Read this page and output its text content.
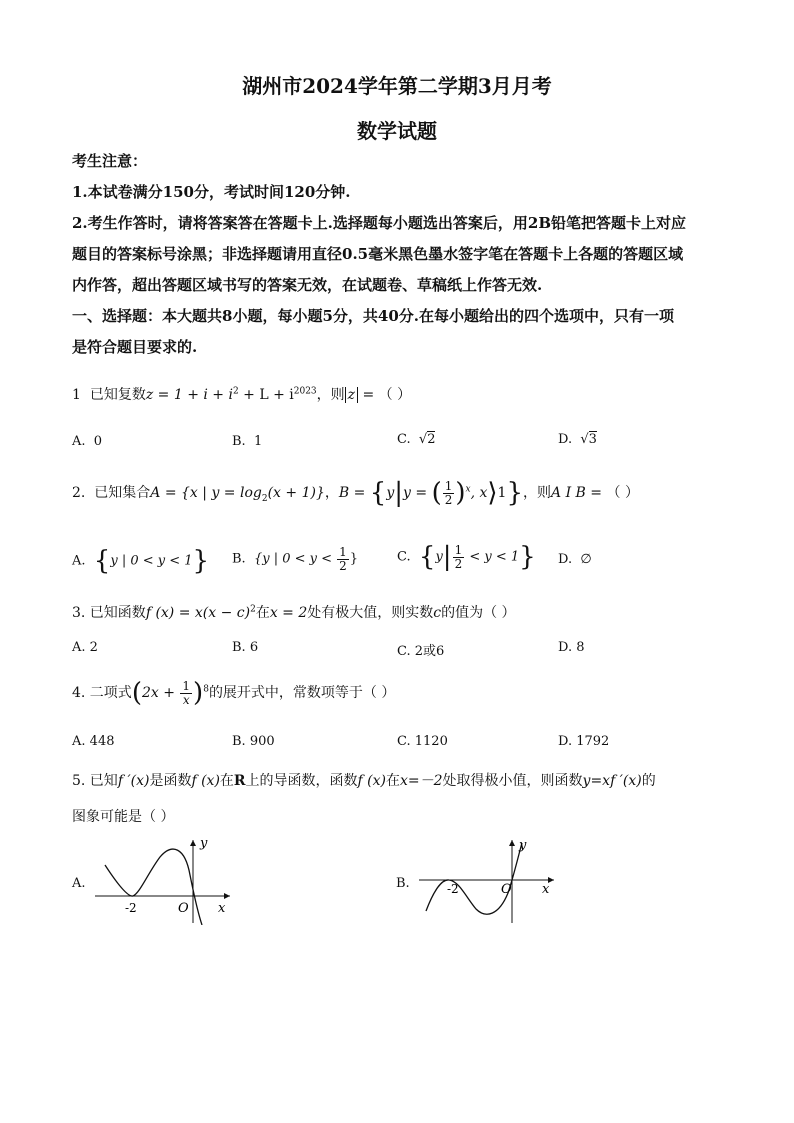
湖州市2024学年第二学期3月月考
数学试题
考生注意：
1.本试卷满分150分，考试时间120分钟.
2.考生作答时，请将答案答在答题卡上.选择题每小题选出答案后，用2B铅笔把答题卡上对应
题目的答案标号涂黑；非选择题请用直径0.5毫米黑色墨水签字笔在答题卡上各题的答题区域
内作答，超出答题区域书写的答案无效，在试题卷、草稿纸上作答无效.
一、选择题：本大题共8小题，每小题5分，共40分.在每小题给出的四个选项中，只有一项
是符合题目要求的.
1 已知复数$z = 1 + i + i^2 + L + i^{2023}$，则 z = （ ）
A. 0	B. 1	C.  √2	D.  √3
2.  已知集合A = {x | $y = \log_2(x + 1)$}，B = {y|y = ( $\frac{1}{2} )^x$, x⟩1}，则A I B = （ ）
A. {y | 0 < y < 1} B. {y | $0 < y < \frac{1}{2}$ }	C. $\{y| \frac{1}{2} < y < 1\}$ D. ∅
3. 已知函数f $(x) = x(x - c)^2$在x = 2处有极大值，则实数c的值为（ ）
A. 2	B. 6	C. 2或6	D. 8
4. 二项式$(2x + \frac{1}{x} )^8$的展开式中，常数项等于（ ）
A. 448	B. 900	C. 1120	D. 1792
5. 已知f ′(x)是函数f (x)在R上的导函数，函数f (x)在x=－2处取得极小值，则函数y=xf ′(x)的
图象可能是（ ）
A.
y
x
O
-2
B.
y
x
O
-2
